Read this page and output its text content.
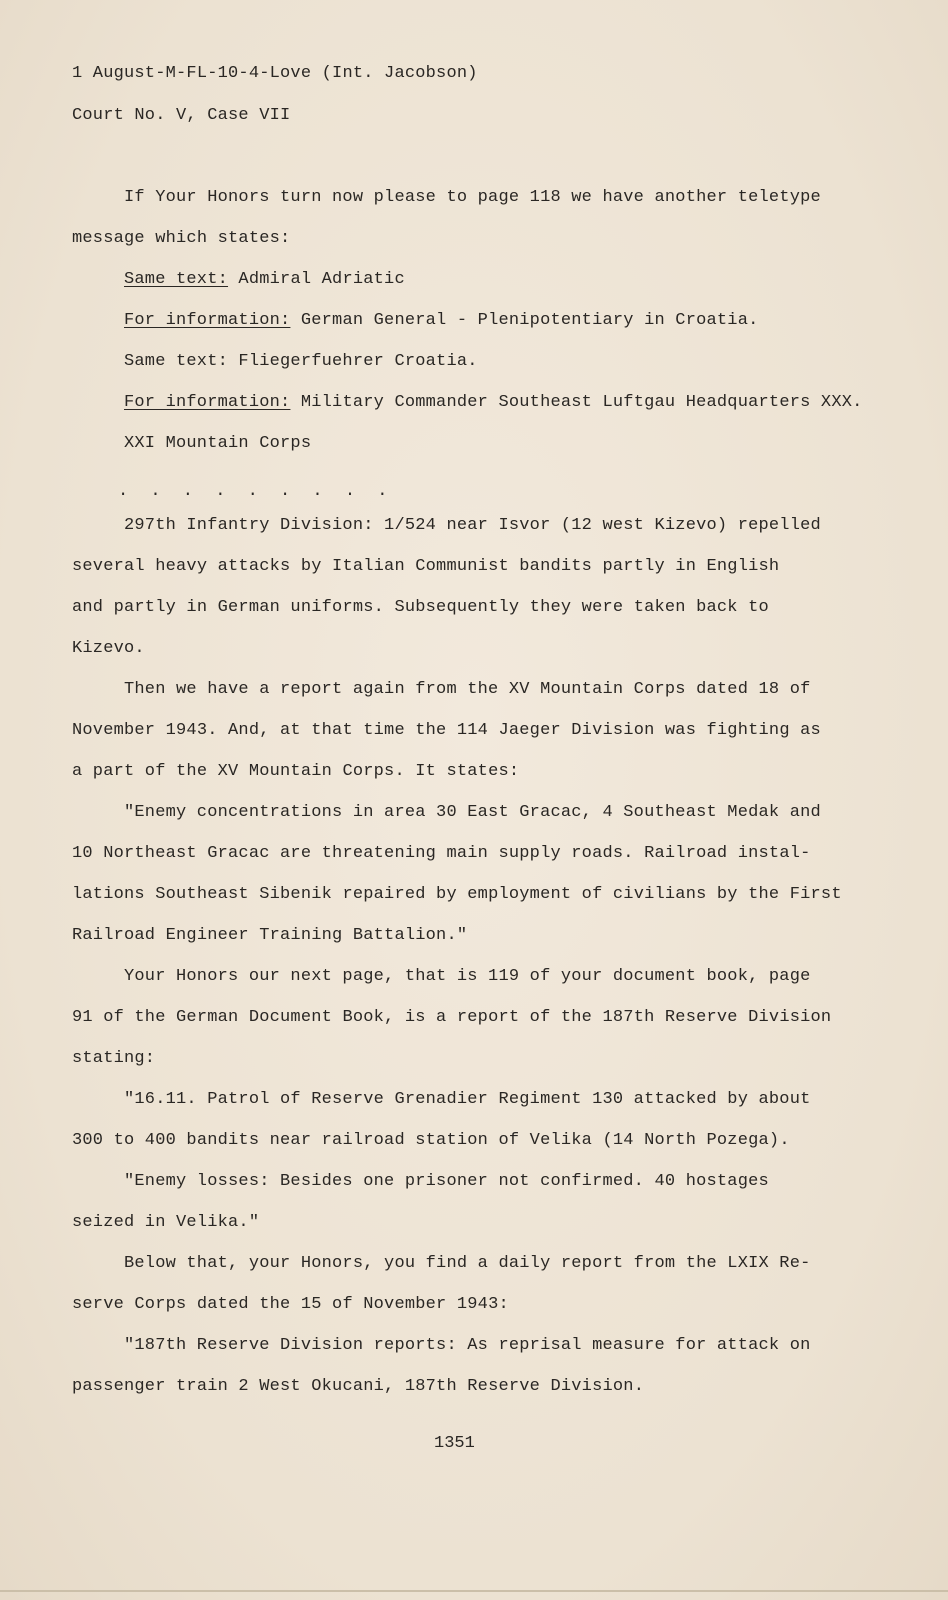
1 August-M-FL-10-4-Love (Int. Jacobson)
Court No. V, Case VII
If Your Honors turn now please to page 118 we have another teletype
message which states:
Same text: Admiral Adriatic
For information: German General - Plenipotentiary in Croatia.
Same text: Fliegerfuehrer Croatia.
For information: Military Commander Southeast Luftgau Headquarters XXX.
XXI Mountain Corps
. . . . . . . . .
297th Infantry Division: 1/524 near Isvor (12 west Kizevo) repelled
several heavy attacks by Italian Communist bandits partly in English
and partly in German uniforms. Subsequently they were taken back to
Kizevo.
Then we have a report again from the XV Mountain Corps dated 18 of
November 1943. And, at that time the 114 Jaeger Division was fighting as
a part of the XV Mountain Corps. It states:
"Enemy concentrations in area 30 East Gracac, 4 Southeast Medak and
10 Northeast Gracac are threatening main supply roads. Railroad instal-
lations Southeast Sibenik repaired by employment of civilians by the First
Railroad Engineer Training Battalion."
Your Honors our next page, that is 119 of your document book, page
91 of the German Document Book, is a report of the 187th Reserve Division
stating:
"16.11. Patrol of Reserve Grenadier Regiment 130 attacked by about
300 to 400 bandits near railroad station of Velika (14 North Pozega).
"Enemy losses: Besides one prisoner not confirmed. 40 hostages
seized in Velika."
Below that, your Honors, you find a daily report from the LXIX Re-
serve Corps dated the 15 of November 1943:
"187th Reserve Division reports: As reprisal measure for attack on
passenger train 2 West Okucani, 187th Reserve Division.
1351
